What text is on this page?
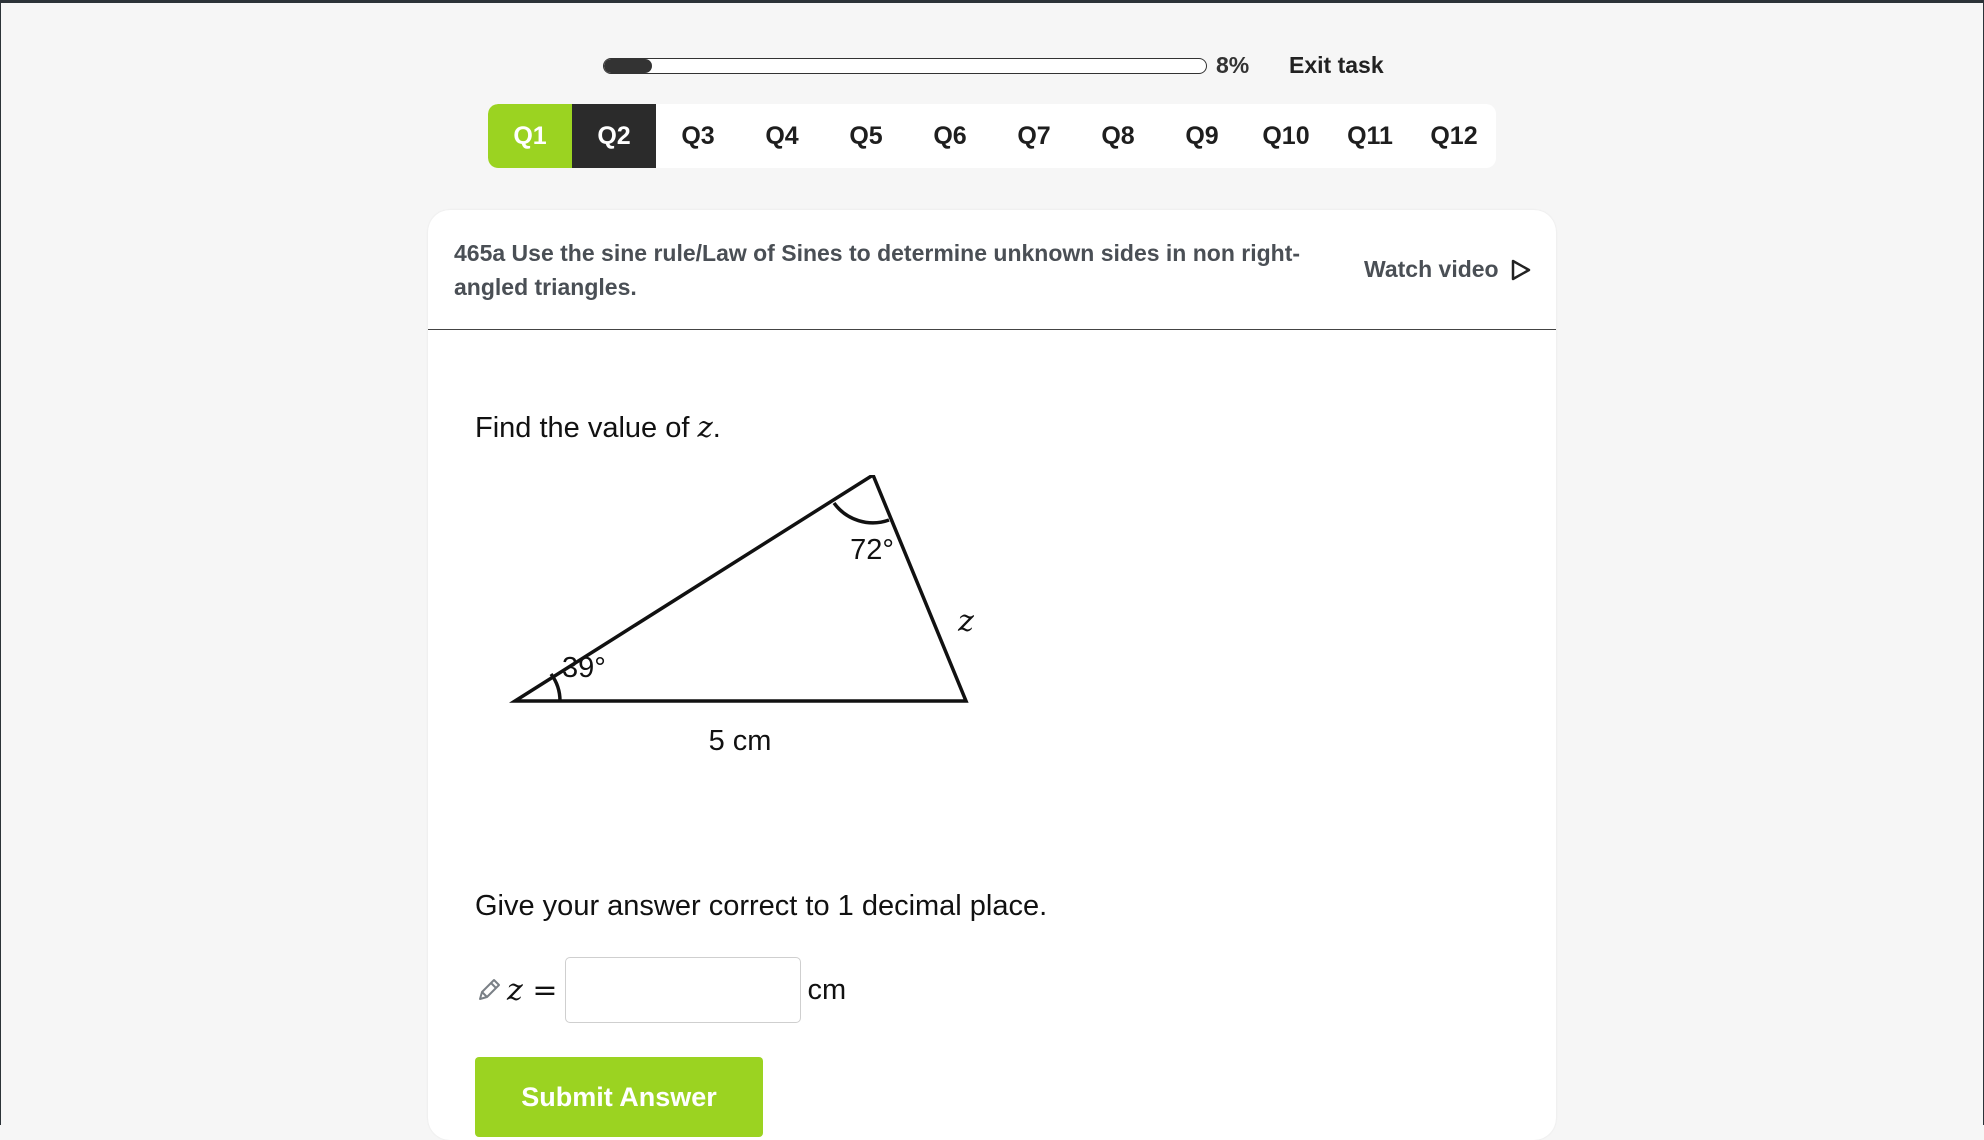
8% Exit task
Q1	Q2	Q3	Q4	Q5	Q6	Q7	Q8	Q9	Q10	Q11	Q12
465a Use the sine rule/Law of Sines to determine unknown sides in non right-angled triangles.
Watch video
Find the value of z.
39°
72°
z
5 cm
Give your answer correct to 1 decimal place.
z =	cm
Submit Answer
